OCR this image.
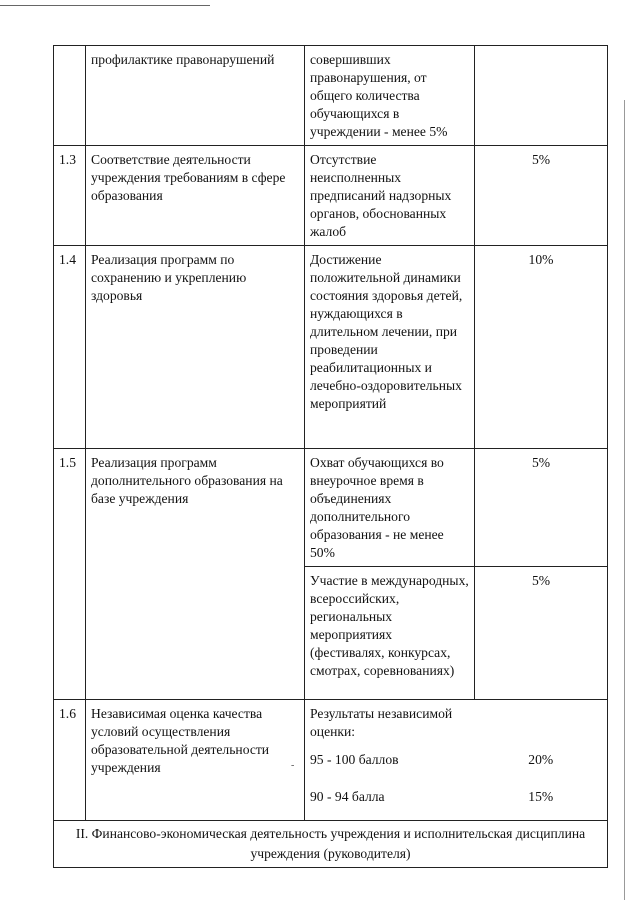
	профилактике правонарушений	совершивших правонарушения, от общего количества обучающихся в учреждении - менее 5%	
1.3	Соответствие деятельности учреждения требованиям в сфере образования	Отсутствие неисполненных предписаний надзорных органов, обоснованных жалоб	5%
1.4	Реализация программ по сохранению и укреплению здоровья	Достижение положительной динамики состояния здоровья детей, нуждающихся в длительном лечении, при проведении реабилитационных и лечебно-оздоровительных мероприятий	10%
1.5	Реализация программ дополнительного образования на базе учреждения	Охват обучающихся во внеурочное время в объединениях дополнительного образования - не менее 50%	5%
		Участие в международных, всероссийских, региональных мероприятиях (фестивалях, конкурсах, смотрах, соревнованиях)	5%
1.6	Независимая оценка качества условий осуществления образовательной деятельности учреждения	Результаты независимой оценки:	
		95 - 100 баллов	20%
		90 - 94 балла	15%
II. Финансово-экономическая деятельность учреждения и исполнительская дисциплина учреждения (руководителя)			
-
